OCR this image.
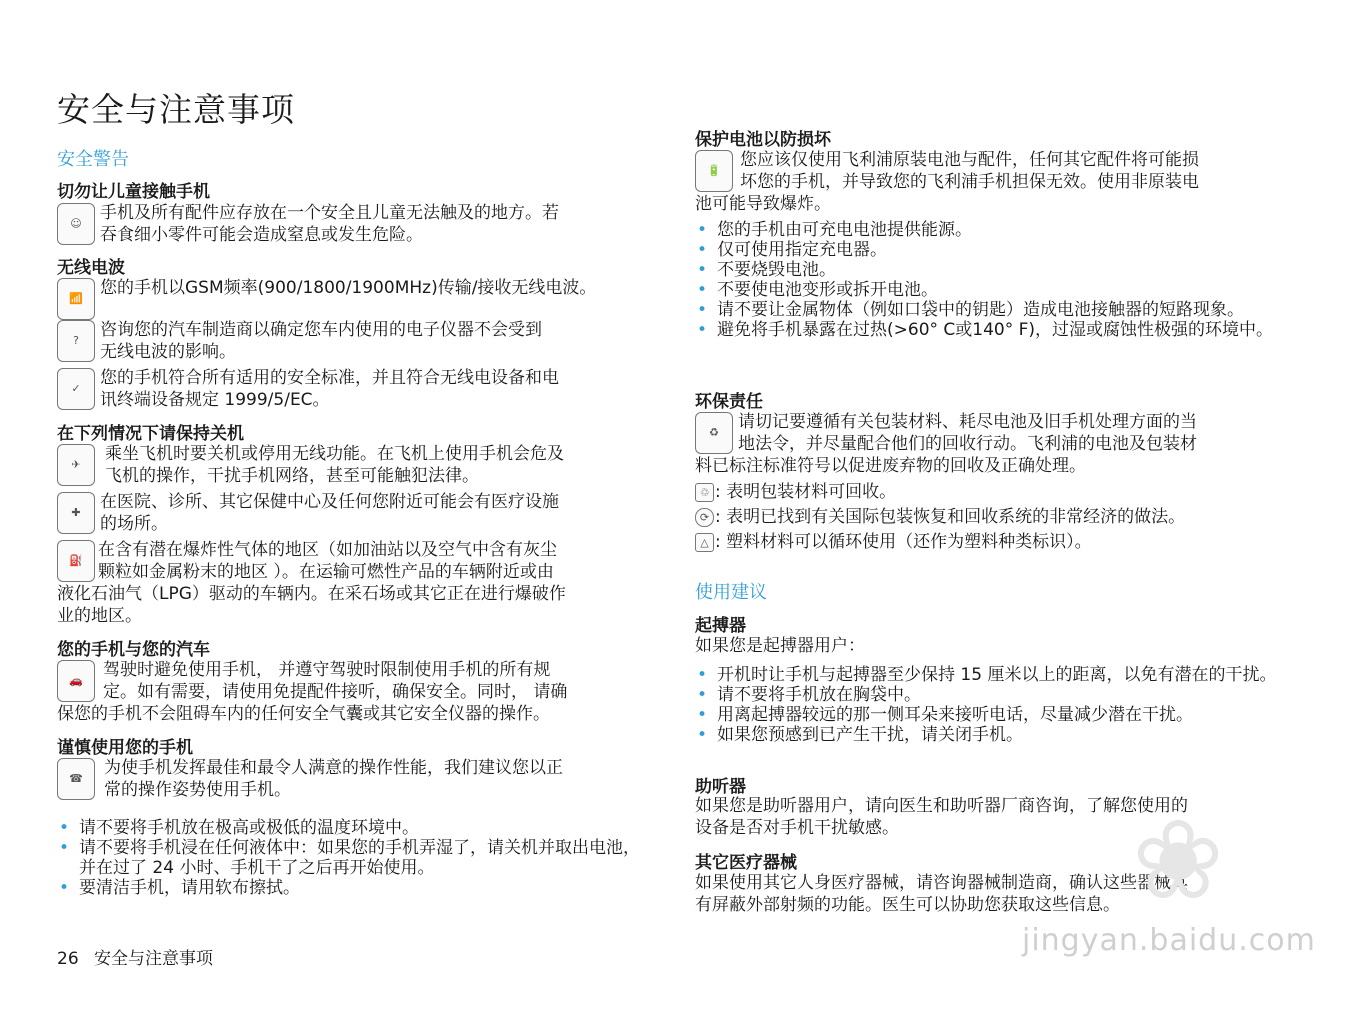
安全与注意事项
安全警告
切勿让儿童接触手机
☺
手机及所有配件应存放在一个安全且儿童无法触及的地方。若
吞食细小零件可能会造成窒息或发生危险。
无线电波
📶
您的手机以GSM频率(900/1800/1900MHz)传输/接收无线电波。
?
咨询您的汽车制造商以确定您车内使用的电子仪器不会受到
无线电波的影响。
✓
您的手机符合所有适用的安全标准，并且符合无线电设备和电
讯终端设备规定 1999/5/EC。
在下列情况下请保持关机
✈
乘坐飞机时要关机或停用无线功能。在飞机上使用手机会危及
飞机的操作，干扰手机网络，甚至可能触犯法律。
✚
在医院、诊所、其它保健中心及任何您附近可能会有医疗设施
的场所。
⛽
在含有潜在爆炸性气体的地区（如加油站以及空气中含有灰尘
颗粒如金属粉末的地区 ）。在运输可燃性产品的车辆附近或由
液化石油气（LPG）驱动的车辆内。在采石场或其它正在进行爆破作
业的地区。
您的手机与您的汽车
🚗
驾驶时避免使用手机， 并遵守驾驶时限制使用手机的所有规
定。如有需要，请使用免提配件接听，确保安全。同时， 请确
保您的手机不会阻碍车内的任何安全气囊或其它安全仪器的操作。
谨慎使用您的手机
☎
为使手机发挥最佳和最令人满意的操作性能，我们建议您以正
常的操作姿势使用手机。
• 请不要将手机放在极高或极低的温度环境中。
• 请不要将手机浸在任何液体中：如果您的手机弄湿了，请关机并取出电池，并在过了 24 小时、手机干了之后再开始使用。
• 要清洁手机，请用软布擦拭。
26 安全与注意事项
保护电池以防损坏
🔋
您应该仅使用飞利浦原装电池与配件，任何其它配件将可能损
坏您的手机，并导致您的飞利浦手机担保无效。使用非原装电
池可能导致爆炸。
• 您的手机由可充电电池提供能源。
• 仅可使用指定充电器。
• 不要烧毁电池。
• 不要使电池变形或拆开电池。
• 请不要让金属物体（例如口袋中的钥匙）造成电池接触器的短路现象。
• 避免将手机暴露在过热(>60° C或140° F)，过湿或腐蚀性极强的环境中。
环保责任
♻
请切记要遵循有关包装材料、耗尽电池及旧手机处理方面的当
地法令，并尽量配合他们的回收行动。飞利浦的电池及包装材
料已标注标准符号以促进废弃物的回收及正确处理。
♲ : 表明包装材料可回收。
⟳ : 表明已找到有关国际包装恢复和回收系统的非常经济的做法。
△ : 塑料材料可以循环使用（还作为塑料种类标识）。
使用建议
起搏器
如果您是起搏器用户：
• 开机时让手机与起搏器至少保持 15 厘米以上的距离，以免有潜在的干扰。
• 请不要将手机放在胸袋中。
• 用离起搏器较远的那一侧耳朵来接听电话，尽量减少潜在干扰。
• 如果您预感到已产生干扰，请关闭手机。
助听器
如果您是助听器用户，请向医生和助听器厂商咨询，了解您使用的
设备是否对手机干扰敏感。
其它医疗器械
如果使用其它人身医疗器械，请咨询器械制造商，确认这些器械具
有屏蔽外部射频的功能。医生可以协助您获取这些信息。 ❀
jingyan.baidu.com
